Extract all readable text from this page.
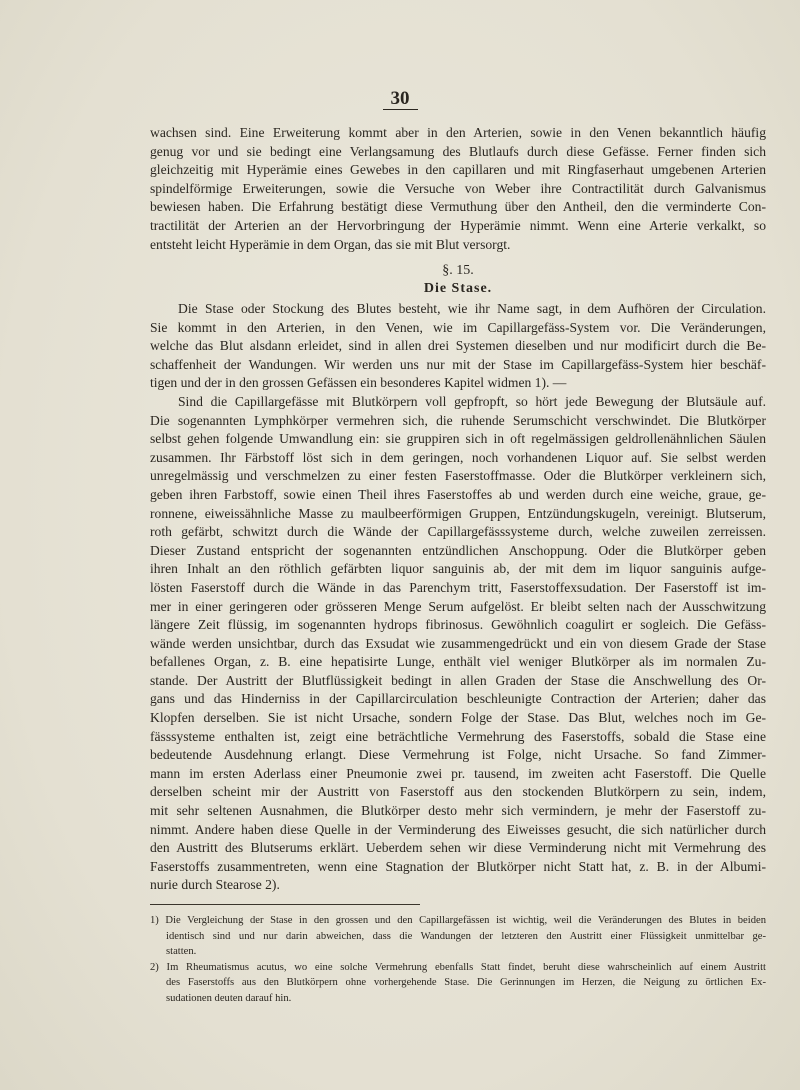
30
wachsen sind. Eine Erweiterung kommt aber in den Arterien, sowie in den Venen bekanntlich häufig
genug vor und sie bedingt eine Verlangsamung des Blutlaufs durch diese Gefässe. Ferner finden sich
gleichzeitig mit Hyperämie eines Gewebes in den capillaren und mit Ringfaserhaut umgebenen Arterien
spindelförmige Erweiterungen, sowie die Versuche von Weber ihre Contractilität durch Galvanismus
bewiesen haben. Die Erfahrung bestätigt diese Vermuthung über den Antheil, den die verminderte Con-
tractilität der Arterien an der Hervorbringung der Hyperämie nimmt. Wenn eine Arterie verkalkt, so
entsteht leicht Hyperämie in dem Organ, das sie mit Blut versorgt.
§. 15.
Die Stase.
Die Stase oder Stockung des Blutes besteht, wie ihr Name sagt, in dem Aufhören der Circulation.
Sie kommt in den Arterien, in den Venen, wie im Capillargefäss-System vor. Die Veränderungen,
welche das Blut alsdann erleidet, sind in allen drei Systemen dieselben und nur modificirt durch die Be-
schaffenheit der Wandungen. Wir werden uns nur mit der Stase im Capillargefäss-System hier beschäf-
tigen und der in den grossen Gefässen ein besonderes Kapitel widmen 1). —
Sind die Capillargefässe mit Blutkörpern voll gepfropft, so hört jede Bewegung der Blutsäule auf.
Die sogenannten Lymphkörper vermehren sich, die ruhende Serumschicht verschwindet. Die Blutkörper
selbst gehen folgende Umwandlung ein: sie gruppiren sich in oft regelmässigen geldrollenähnlichen Säulen
zusammen. Ihr Färbstoff löst sich in dem geringen, noch vorhandenen Liquor auf. Sie selbst werden
unregelmässig und verschmelzen zu einer festen Faserstoffmasse. Oder die Blutkörper verkleinern sich,
geben ihren Farbstoff, sowie einen Theil ihres Faserstoffes ab und werden durch eine weiche, graue, ge-
ronnene, eiweissähnliche Masse zu maulbeerförmigen Gruppen, Entzündungskugeln, vereinigt. Blutserum,
roth gefärbt, schwitzt durch die Wände der Capillargefässsysteme durch, welche zuweilen zerreissen.
Dieser Zustand entspricht der sogenannten entzündlichen Anschoppung. Oder die Blutkörper geben
ihren Inhalt an den röthlich gefärbten liquor sanguinis ab, der mit dem im liquor sanguinis aufge-
lösten Faserstoff durch die Wände in das Parenchym tritt, Faserstoffexsudation. Der Faserstoff ist im-
mer in einer geringeren oder grösseren Menge Serum aufgelöst. Er bleibt selten nach der Ausschwitzung
längere Zeit flüssig, im sogenannten hydrops fibrinosus. Gewöhnlich coagulirt er sogleich. Die Gefäss-
wände werden unsichtbar, durch das Exsudat wie zusammengedrückt und ein von diesem Grade der Stase
befallenes Organ, z. B. eine hepatisirte Lunge, enthält viel weniger Blutkörper als im normalen Zu-
stande. Der Austritt der Blutflüssigkeit bedingt in allen Graden der Stase die Anschwellung des Or-
gans und das Hinderniss in der Capillarcirculation beschleunigte Contraction der Arterien; daher das
Klopfen derselben. Sie ist nicht Ursache, sondern Folge der Stase. Das Blut, welches noch im Ge-
fässsysteme enthalten ist, zeigt eine beträchtliche Vermehrung des Faserstoffs, sobald die Stase eine
bedeutende Ausdehnung erlangt. Diese Vermehrung ist Folge, nicht Ursache. So fand Zimmer-
mann im ersten Aderlass einer Pneumonie zwei pr. tausend, im zweiten acht Faserstoff. Die Quelle
derselben scheint mir der Austritt von Faserstoff aus den stockenden Blutkörpern zu sein, indem,
mit sehr seltenen Ausnahmen, die Blutkörper desto mehr sich vermindern, je mehr der Faserstoff zu-
nimmt. Andere haben diese Quelle in der Verminderung des Eiweisses gesucht, die sich natürlicher durch
den Austritt des Blutserums erklärt. Ueberdem sehen wir diese Verminderung nicht mit Vermehrung des
Faserstoffs zusammentreten, wenn eine Stagnation der Blutkörper nicht Statt hat, z. B. in der Albumi-
nurie durch Stearose 2).
1) Die Vergleichung der Stase in den grossen und den Capillargefässen ist wichtig, weil die Veränderungen des Blutes in beiden
identisch sind und nur darin abweichen, dass die Wandungen der letzteren den Austritt einer Flüssigkeit unmittelbar ge-
statten.
2) Im Rheumatismus acutus, wo eine solche Vermehrung ebenfalls Statt findet, beruht diese wahrscheinlich auf einem Austritt
des Faserstoffs aus den Blutkörpern ohne vorhergehende Stase. Die Gerinnungen im Herzen, die Neigung zu örtlichen Ex-
sudationen deuten darauf hin.
